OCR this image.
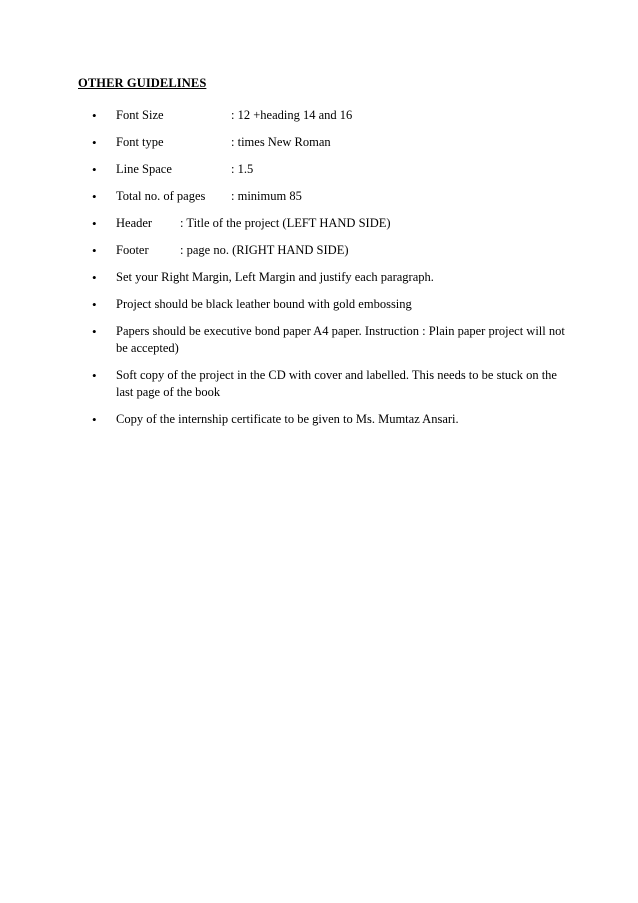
OTHER GUIDELINES
•
Font Size	: 12 +heading 14 and 16
•
Font type	: times New Roman
•
Line Space	: 1.5
•
Total no. of pages : minimum 85
•
Header : Title of the project (LEFT HAND SIDE)
•
Footer	: page no. (RIGHT HAND SIDE)
•
Set your Right Margin, Left Margin and justify each paragraph.
•
Project should be black leather bound with gold embossing
•
Papers should be executive bond paper A4 paper. Instruction : Plain paper project will not be accepted)
•
Soft copy of the project in the CD with cover and labelled. This needs to be stuck on the last page of the book
•
Copy of the internship certificate to be given to Ms. Mumtaz Ansari.
